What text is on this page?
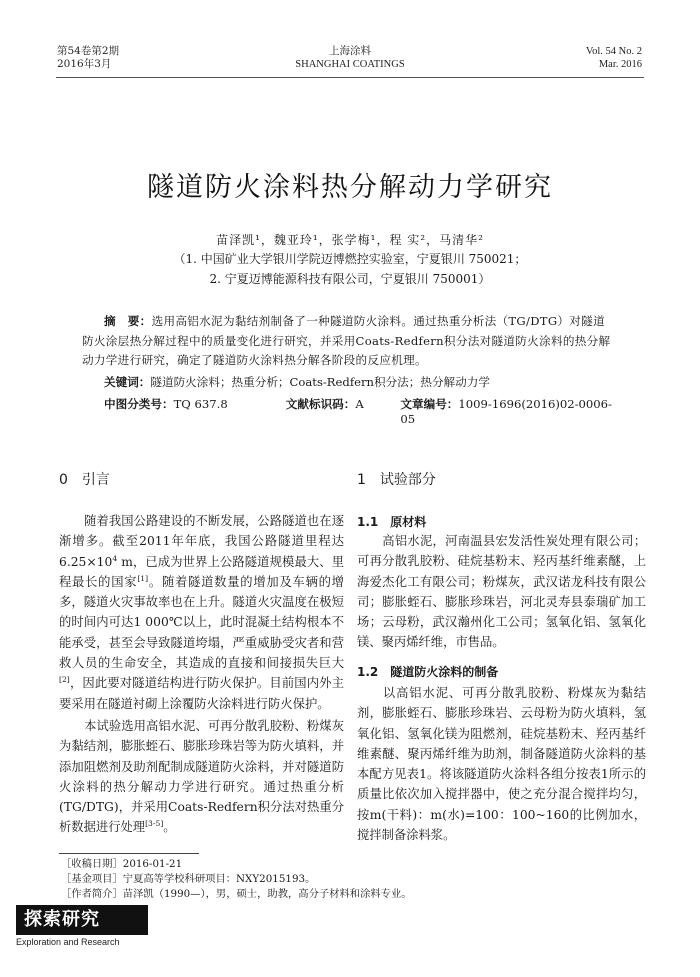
第54卷第2期
2016年3月
上海涂料
SHANGHAI COATINGS
Vol. 54 No. 2
Mar. 2016
隧道防火涂料热分解动力学研究
苗泽凯¹，魏亚玲¹，张学梅¹，程 实²，马清华²
（1. 中国矿业大学银川学院迈博燃控实验室，宁夏银川 750021；
2. 宁夏迈博能源科技有限公司，宁夏银川 750001）
摘　要：选用高铝水泥为黏结剂制备了一种隧道防火涂料。通过热重分析法（TG/DTG）对隧道防火涂层热分解过程中的质量变化进行研究，并采用Coats-Redfern积分法对隧道防火涂料的热分解动力学进行研究，确定了隧道防火涂料热分解各阶段的反应机理。
关键词：隧道防火涂料；热重分析；Coats-Redfern积分法；热分解动力学
中图分类号：TQ 637.8	文献标识码：A	文章编号：1009-1696(2016)02-0006-05
0　引言
随着我国公路建设的不断发展，公路隧道也在逐渐增多。截至2011年年底，我国公路隧道里程达$6.25\times 10^4$ m，已成为世界上公路隧道规模最大、里程最长的国家[1]。随着隧道数量的增加及车辆的增多，隧道火灾事故率也在上升。隧道火灾温度在极短的时间内可达1 000℃以上，此时混凝土结构根本不能承受，甚至会导致隧道垮塌，严重威胁受灾者和营救人员的生命安全，其造成的直接和间接损失巨大[2]，因此要对隧道结构进行防火保护。目前国内外主要采用在隧道衬砌上涂覆防火涂料进行防火保护。
本试验选用高铝水泥、可再分散乳胶粉、粉煤灰为黏结剂，膨胀蛭石、膨胀珍珠岩等为防火填料，并添加阻燃剂及助剂配制成隧道防火涂料，并对隧道防火涂料的热分解动力学进行研究。通过热重分析(TG/DTG)，并采用Coats-Redfern积分法对热重分析数据进行处理[3-5]。
1　试验部分
1.1　原材料
高铝水泥，河南温县宏发活性炭处理有限公司；可再分散乳胶粉、硅烷基粉末、羟丙基纤维素醚，上海爱杰化工有限公司；粉煤灰，武汉诺龙科技有限公司；膨胀蛭石、膨胀珍珠岩，河北灵寿县泰瑞矿加工场；云母粉，武汉瀚州化工公司；氢氧化铝、氢氧化镁、聚丙烯纤维，市售品。
1.2　隧道防火涂料的制备
以高铝水泥、可再分散乳胶粉、粉煤灰为黏结剂，膨胀蛭石、膨胀珍珠岩、云母粉为防火填料，氢氧化铝、氢氧化镁为阻燃剂，硅烷基粉末、羟丙基纤维素醚、聚丙烯纤维为助剂，制备隧道防火涂料的基本配方见表1。将该隧道防火涂料各组分按表1所示的质量比依次加入搅拌器中，使之充分混合搅拌均匀，按m(干料)：m(水)=100：100~160的比例加水，搅拌制备涂料浆。
［收稿日期］2016-01-21
［基金项目］宁夏高等学校科研项目：NXY2015193。
［作者简介］苗泽凯（1990—），男，硕士，助教，高分子材料和涂料专业。
探索研究
Exploration and Research
